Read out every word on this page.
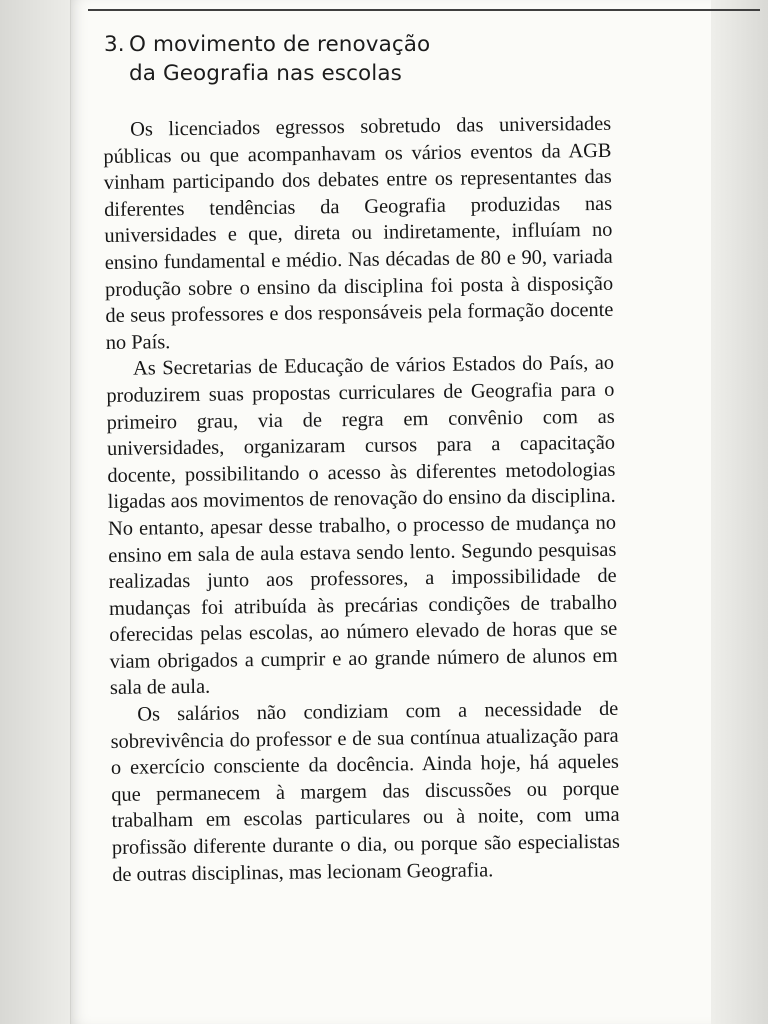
3. O movimento de renovação
da Geografia nas escolas

Os licenciados egressos sobretudo das universidades públicas ou que acompanhavam os vários eventos da AGB vinham participando dos debates entre os representantes das diferentes tendências da Geografia produzidas nas universidades e que, direta ou indiretamente, influíam no ensino fundamental e médio. Nas décadas de 80 e 90, variada produção sobre o ensino da disciplina foi posta à disposição de seus professores e dos responsáveis pela formação docente no País.

As Secretarias de Educação de vários Estados do País, ao produzirem suas propostas curriculares de Geografia para o primeiro grau, via de regra em convênio com as universidades, organizaram cursos para a capacitação docente, possibilitando o acesso às diferentes metodologias ligadas aos movimentos de renovação do ensino da disciplina. No entanto, apesar desse trabalho, o processo de mudança no ensino em sala de aula estava sendo lento. Segundo pesquisas realizadas junto aos professores, a impossibilidade de mudanças foi atribuída às precárias condições de trabalho oferecidas pelas escolas, ao número elevado de horas que se viam obrigados a cumprir e ao grande número de alunos em sala de aula.

Os salários não condiziam com a necessidade de sobrevivência do professor e de sua contínua atualização para o exercício consciente da docência. Ainda hoje, há aqueles que permanecem à margem das discussões ou porque trabalham em escolas particulares ou à noite, com uma profissão diferente durante o dia, ou porque são especialistas de outras disciplinas, mas lecionam Geografia.
